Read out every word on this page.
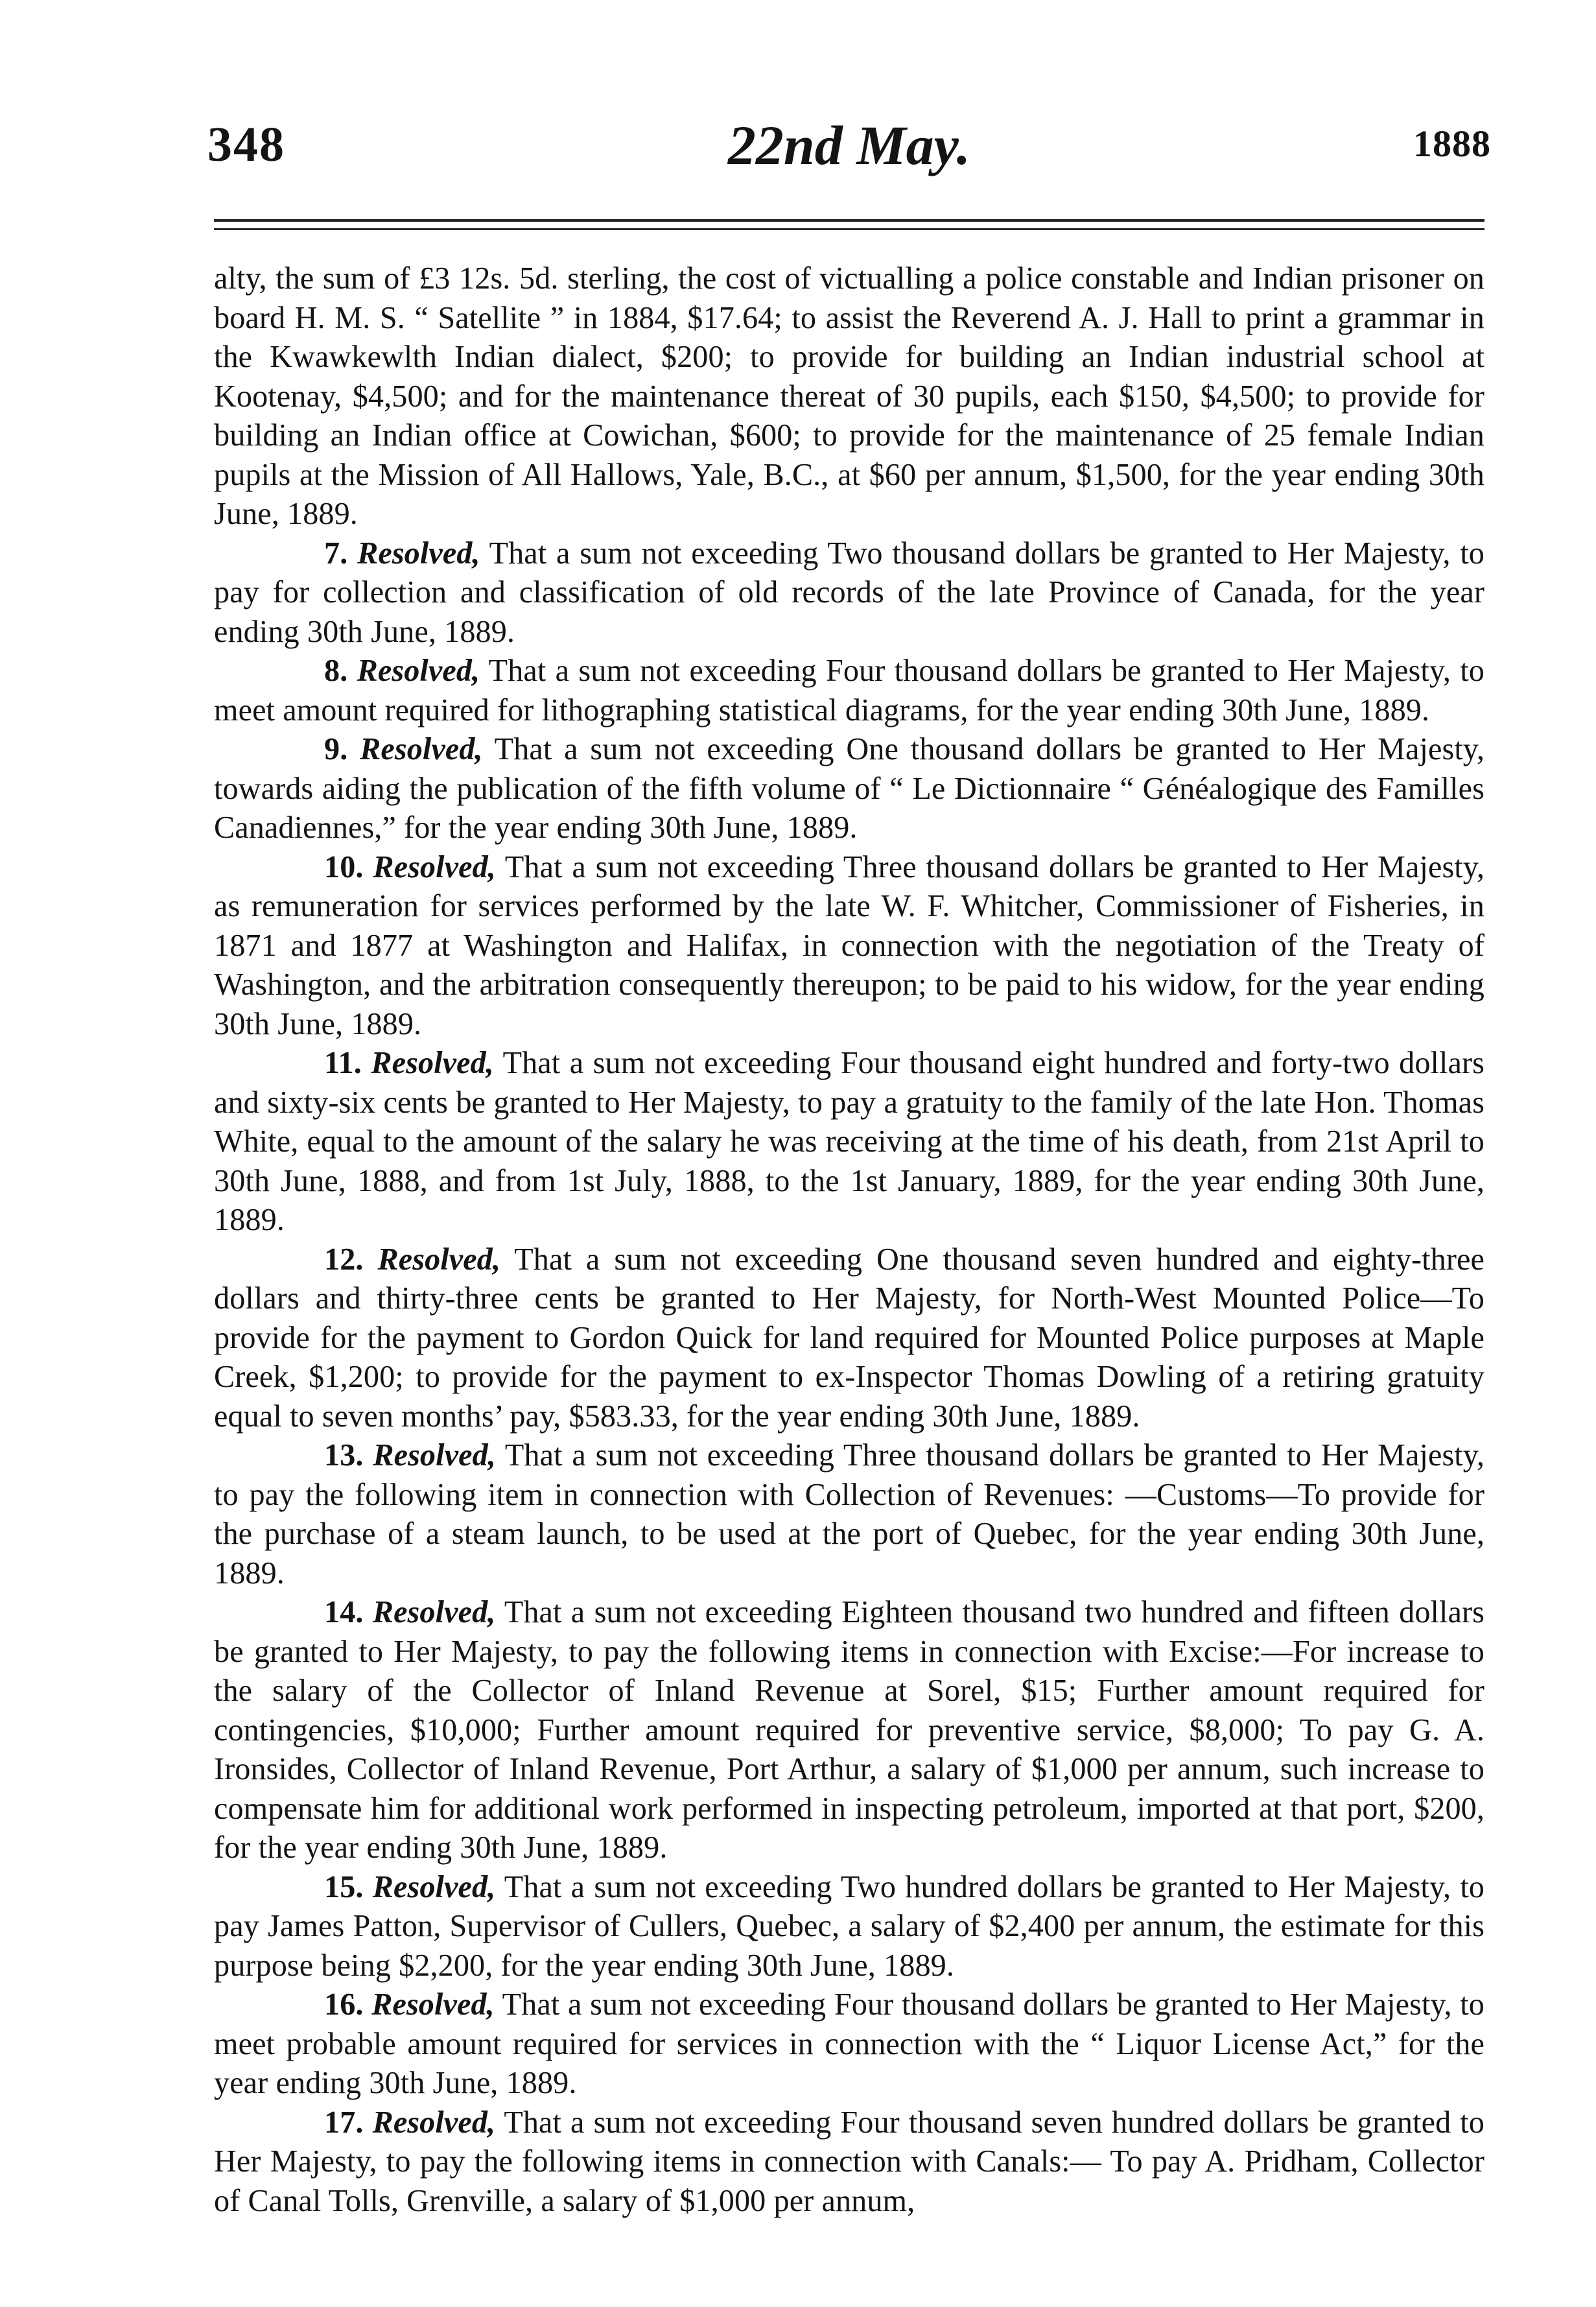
348	22nd May.	1888

alty, the sum of £3 12s. 5d. sterling, the cost of victualling a police constable and Indian prisoner on board H. M. S. “ Satellite ” in 1884, $17.64; to assist the Reverend A. J. Hall to print a grammar in the Kwawkewlth Indian dialect, $200; to provide for building an Indian industrial school at Kootenay, $4,500; and for the maintenance thereat of 30 pupils, each $150, $4,500; to provide for building an Indian office at Cowichan, $600; to provide for the maintenance of 25 female Indian pupils at the Mission of All Hallows, Yale, B.C., at $60 per annum, $1,500, for the year ending 30th June, 1889.

7. Resolved, That a sum not exceeding Two thousand dollars be granted to Her Majesty, to pay for collection and classification of old records of the late Province of Canada, for the year ending 30th June, 1889.

8. Resolved, That a sum not exceeding Four thousand dollars be granted to Her Majesty, to meet amount required for lithographing statistical diagrams, for the year ending 30th June, 1889.

9. Resolved, That a sum not exceeding One thousand dollars be granted to Her Majesty, towards aiding the publication of the fifth volume of “ Le Dictionnaire “ Généalogique des Familles Canadiennes,” for the year ending 30th June, 1889.

10. Resolved, That a sum not exceeding Three thousand dollars be granted to Her Majesty, as remuneration for services performed by the late W. F. Whitcher, Commissioner of Fisheries, in 1871 and 1877 at Washington and Halifax, in connection with the negotiation of the Treaty of Washington, and the arbitration consequently thereupon; to be paid to his widow, for the year ending 30th June, 1889.

11. Resolved, That a sum not exceeding Four thousand eight hundred and forty-two dollars and sixty-six cents be granted to Her Majesty, to pay a gratuity to the family of the late Hon. Thomas White, equal to the amount of the salary he was receiving at the time of his death, from 21st April to 30th June, 1888, and from 1st July, 1888, to the 1st January, 1889, for the year ending 30th June, 1889.

12. Resolved, That a sum not exceeding One thousand seven hundred and eighty-three dollars and thirty-three cents be granted to Her Majesty, for North-West Mounted Police—To provide for the payment to Gordon Quick for land required for Mounted Police purposes at Maple Creek, $1,200; to provide for the payment to ex-Inspector Thomas Dowling of a retiring gratuity equal to seven months’ pay, $583.33, for the year ending 30th June, 1889.

13. Resolved, That a sum not exceeding Three thousand dollars be granted to Her Majesty, to pay the following item in connection with Collection of Revenues: —Customs—To provide for the purchase of a steam launch, to be used at the port of Quebec, for the year ending 30th June, 1889.

14. Resolved, That a sum not exceeding Eighteen thousand two hundred and fifteen dollars be granted to Her Majesty, to pay the following items in connection with Excise:—For increase to the salary of the Collector of Inland Revenue at Sorel, $15; Further amount required for contingencies, $10,000; Further amount required for preventive service, $8,000; To pay G. A. Ironsides, Collector of Inland Revenue, Port Arthur, a salary of $1,000 per annum, such increase to compensate him for additional work performed in inspecting petroleum, imported at that port, $200, for the year ending 30th June, 1889.

15. Resolved, That a sum not exceeding Two hundred dollars be granted to Her Majesty, to pay James Patton, Supervisor of Cullers, Quebec, a salary of $2,400 per annum, the estimate for this purpose being $2,200, for the year ending 30th June, 1889.

16. Resolved, That a sum not exceeding Four thousand dollars be granted to Her Majesty, to meet probable amount required for services in connection with the “ Liquor License Act,” for the year ending 30th June, 1889.

17. Resolved, That a sum not exceeding Four thousand seven hundred dollars be granted to Her Majesty, to pay the following items in connection with Canals:— To pay A. Pridham, Collector of Canal Tolls, Grenville, a salary of $1,000 per annum,
